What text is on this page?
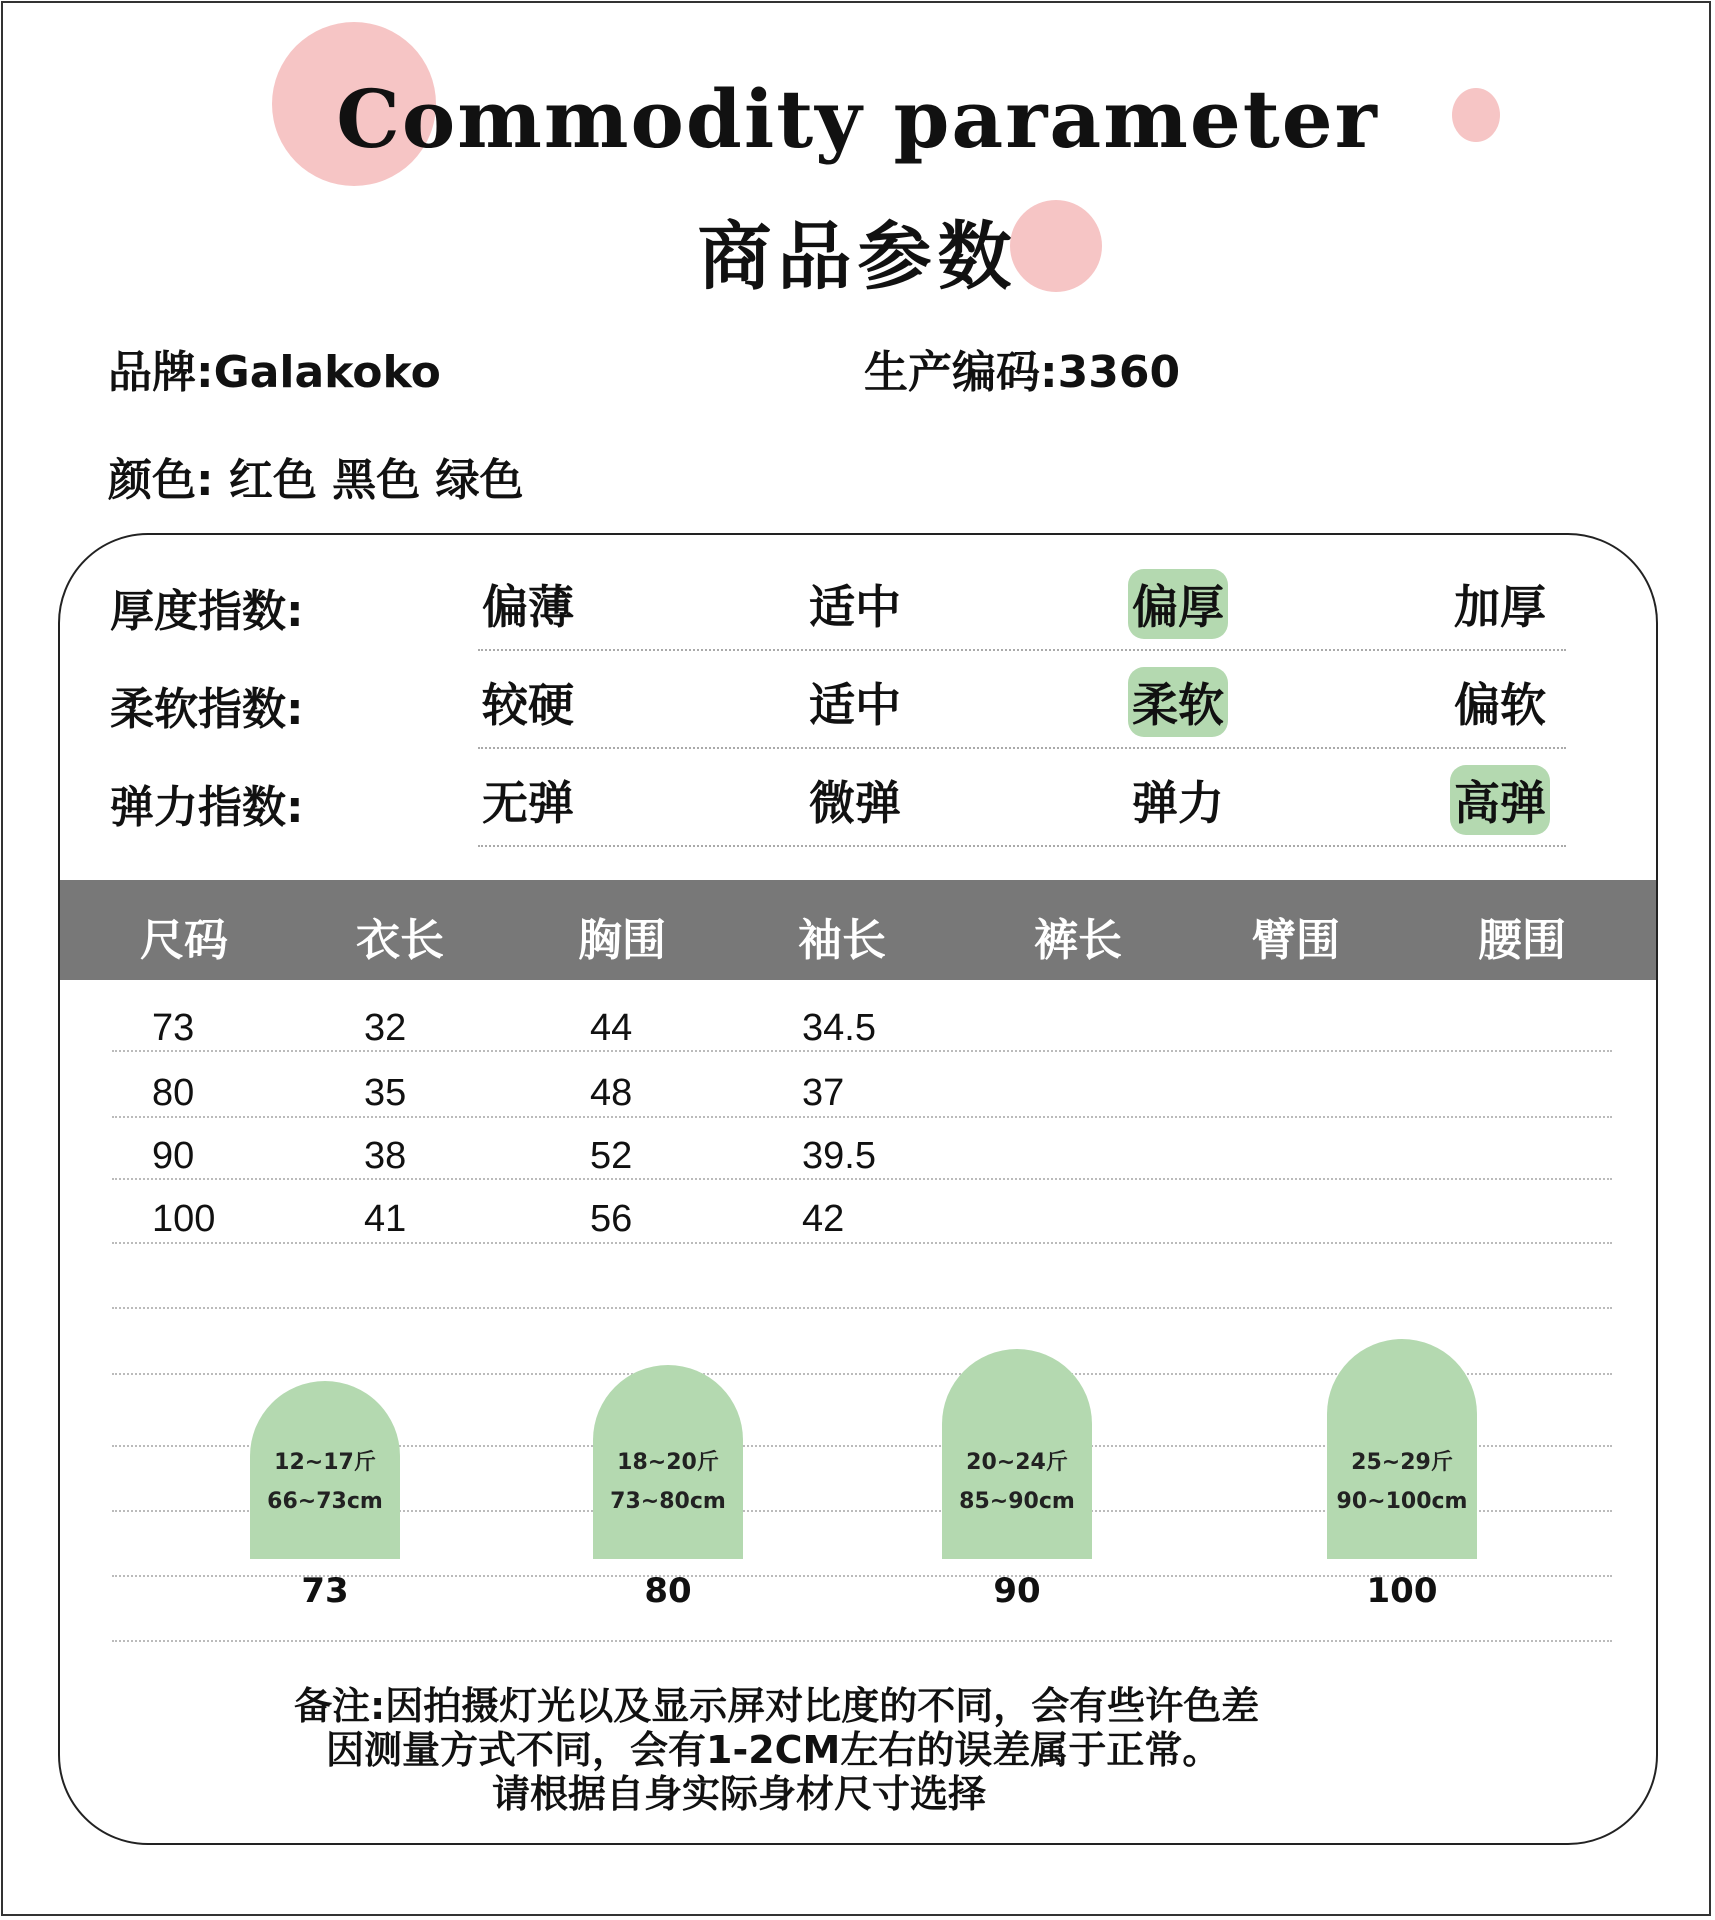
Commodity parameter
商品参数
品牌:Galakoko	生产编码:3360
颜色: 红色 黑色 绿色
厚度指数:	偏薄	适中	偏厚	加厚
柔软指数:	较硬	适中	柔软	偏软
弹力指数:	无弹	微弹	弹力	高弹
尺码	衣长	胸围	袖长	裤长	臂围	腰围
73	32	44	34.5
80	35	48	37
90	38	52	39.5
100	41	56	42
12~17斤
66~73cm
73
18~20斤
73~80cm
80
20~24斤
85~90cm
90
25~29斤
90~100cm
100
备注:因拍摄灯光以及显示屏对比度的不同，会有些许色差
因测量方式不同，会有1-2CM左右的误差属于正常。
请根据自身实际身材尺寸选择
